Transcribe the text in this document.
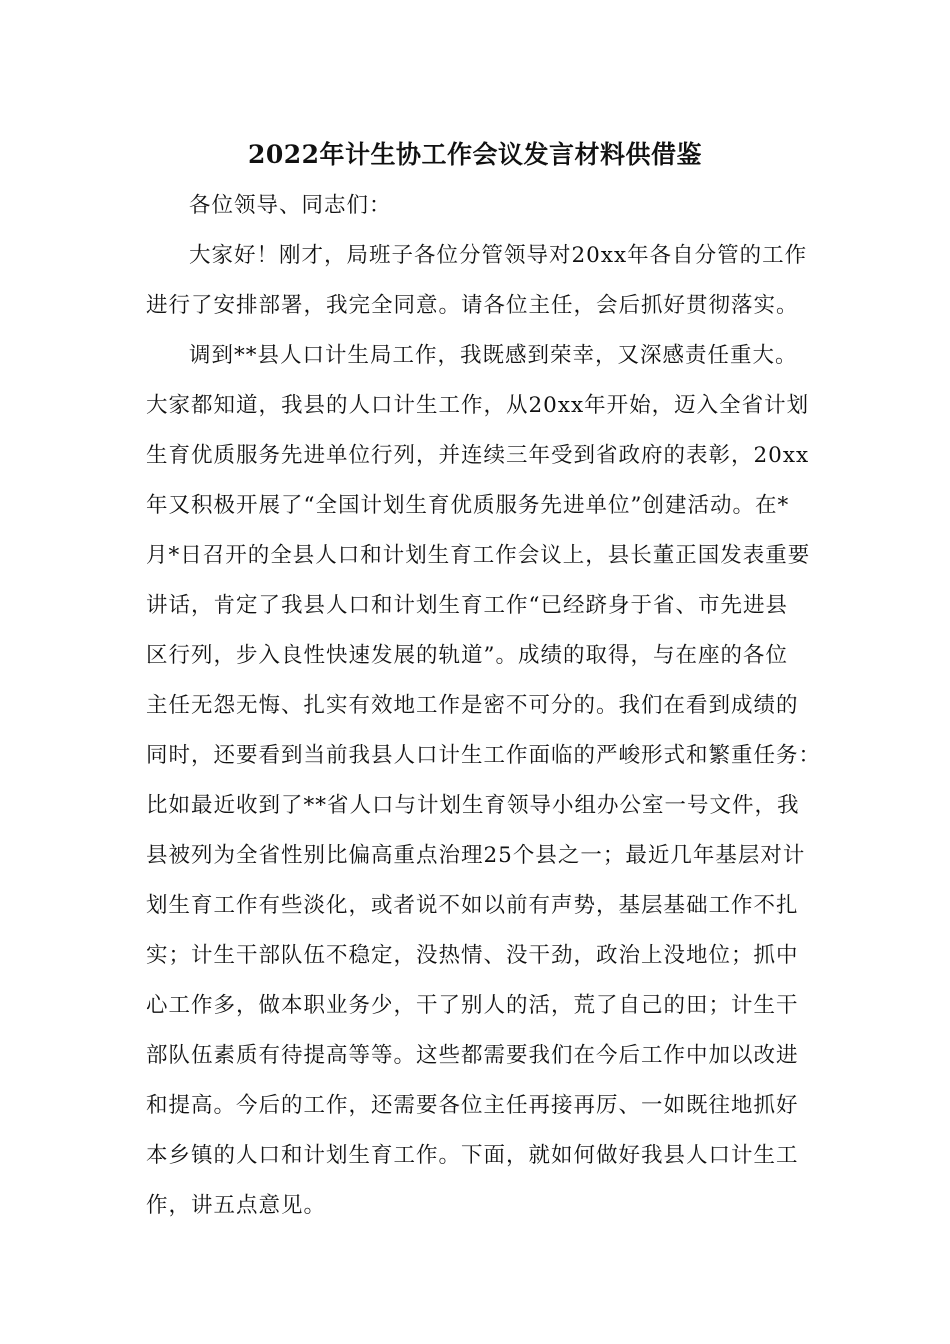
2022年计生协工作会议发言材料供借鉴

各位领导、同志们：

大家好！刚才，局班子各位分管领导对20xx年各自分管的工作
进行了安排部署，我完全同意。请各位主任，会后抓好贯彻落实。

调到**县人口计生局工作，我既感到荣幸，又深感责任重大。
大家都知道，我县的人口计生工作，从20xx年开始，迈入全省计划
生育优质服务先进单位行列，并连续三年受到省政府的表彰，20xx
年又积极开展了“全国计划生育优质服务先进单位”创建活动。在*
月*日召开的全县人口和计划生育工作会议上，县长董正国发表重要
讲话，肯定了我县人口和计划生育工作“已经跻身于省、市先进县
区行列，步入良性快速发展的轨道”。成绩的取得，与在座的各位
主任无怨无悔、扎实有效地工作是密不可分的。我们在看到成绩的
同时，还要看到当前我县人口计生工作面临的严峻形式和繁重任务：
比如最近收到了**省人口与计划生育领导小组办公室一号文件，我
县被列为全省性别比偏高重点治理25个县之一；最近几年基层对计
划生育工作有些淡化，或者说不如以前有声势，基层基础工作不扎
实；计生干部队伍不稳定，没热情、没干劲，政治上没地位；抓中
心工作多，做本职业务少，干了别人的活，荒了自己的田；计生干
部队伍素质有待提高等等。这些都需要我们在今后工作中加以改进
和提高。今后的工作，还需要各位主任再接再厉、一如既往地抓好
本乡镇的人口和计划生育工作。下面，就如何做好我县人口计生工
作，讲五点意见。
